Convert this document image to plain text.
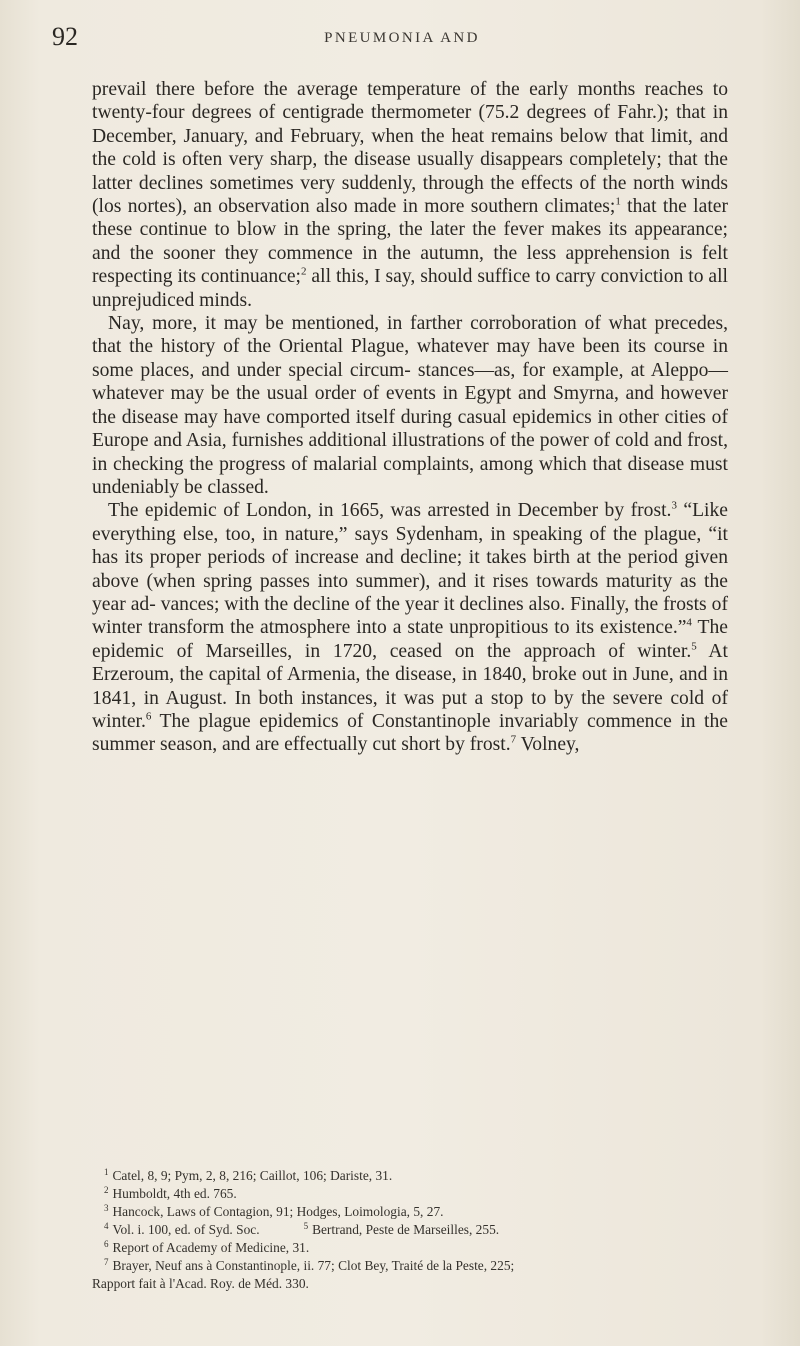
92	PNEUMONIA AND

prevail there before the average temperature of the early months reaches to twenty-four degrees of centigrade thermometer (75.2 degrees of Fahr.); that in December, January, and February, when the heat remains below that limit, and the cold is often very sharp, the disease usually disappears completely; that the latter declines sometimes very suddenly, through the effects of the north winds (los nortes), an observation also made in more southern climates;$^1$ that the later these continue to blow in the spring, the later the fever makes its appearance; and the sooner they commence in the autumn, the less apprehension is felt respecting its continuance;$^2$ all this, I say, should suffice to carry conviction to all unprejudiced minds.

Nay, more, it may be mentioned, in farther corroboration of what precedes, that the history of the Oriental Plague, whatever may have been its course in some places, and under special circum- stances—as, for example, at Aleppo—whatever may be the usual order of events in Egypt and Smyrna, and however the disease may have comported itself during casual epidemics in other cities of Europe and Asia, furnishes additional illustrations of the power of cold and frost, in checking the progress of malarial complaints, among which that disease must undeniably be classed.

The epidemic of London, in 1665, was arrested in December by frost.$^3$ “Like everything else, too, in nature,” says Sydenham, in speaking of the plague, “it has its proper periods of increase and decline; it takes birth at the period given above (when spring passes into summer), and it rises towards maturity as the year ad- vances; with the decline of the year it declines also. Finally, the frosts of winter transform the atmosphere into a state unpropitious to its existence.”$^4$ The epidemic of Marseilles, in 1720, ceased on the approach of winter.$^5$ At Erzeroum, the capital of Armenia, the disease, in 1840, broke out in June, and in 1841, in August. In both instances, it was put a stop to by the severe cold of winter.$^6$ The plague epidemics of Constantinople invariably commence in the summer season, and are effectually cut short by frost.$^7$ Volney,

$^1$ Catel, 8, 9; Pym, 2, 8, 216; Caillot, 106; Dariste, 31.

$^2$ Humboldt, 4th ed. 765.

$^3$ Hancock, Laws of Contagion, 91; Hodges, Loimologia, 5, 27.

$^4$ Vol. i. 100, ed. of Syd. Soc.	$^5$ Bertrand, Peste de Marseilles, 255.

$^6$ Report of Academy of Medicine, 31.

$^7$ Brayer, Neuf ans à Constantinople, ii. 77; Clot Bey, Traité de la Peste, 225;

Rapport fait à l'Acad. Roy. de Méd. 330.
